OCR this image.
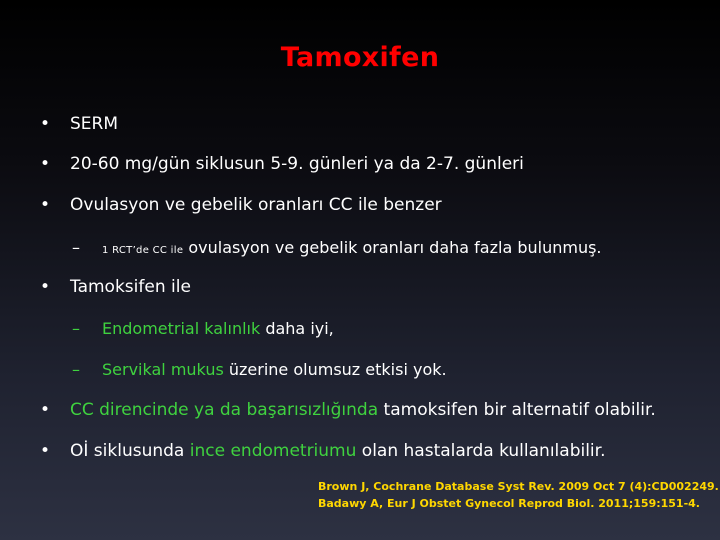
Tamoxifen
• SERM
• 20-60 mg/gün siklusun 5-9. günleri ya da 2-7. günleri
• Ovulasyon ve gebelik oranları CC ile benzer
– 1 RCT’de CC ile ovulasyon ve gebelik oranları daha fazla bulunmuş.
• Tamoksifen ile
– Endometrial kalınlık daha iyi,
– Servikal mukus üzerine olumsuz etkisi yok.
• CC direncinde ya da başarısızlığında tamoksifen bir alternatif olabilir.
• Oİ siklusunda ince endometriumu olan hastalarda kullanılabilir.
Brown J, Cochrane Database Syst Rev. 2009 Oct 7 (4):CD002249.
Badawy A, Eur J Obstet Gynecol Reprod Biol. 2011;159:151-4.
